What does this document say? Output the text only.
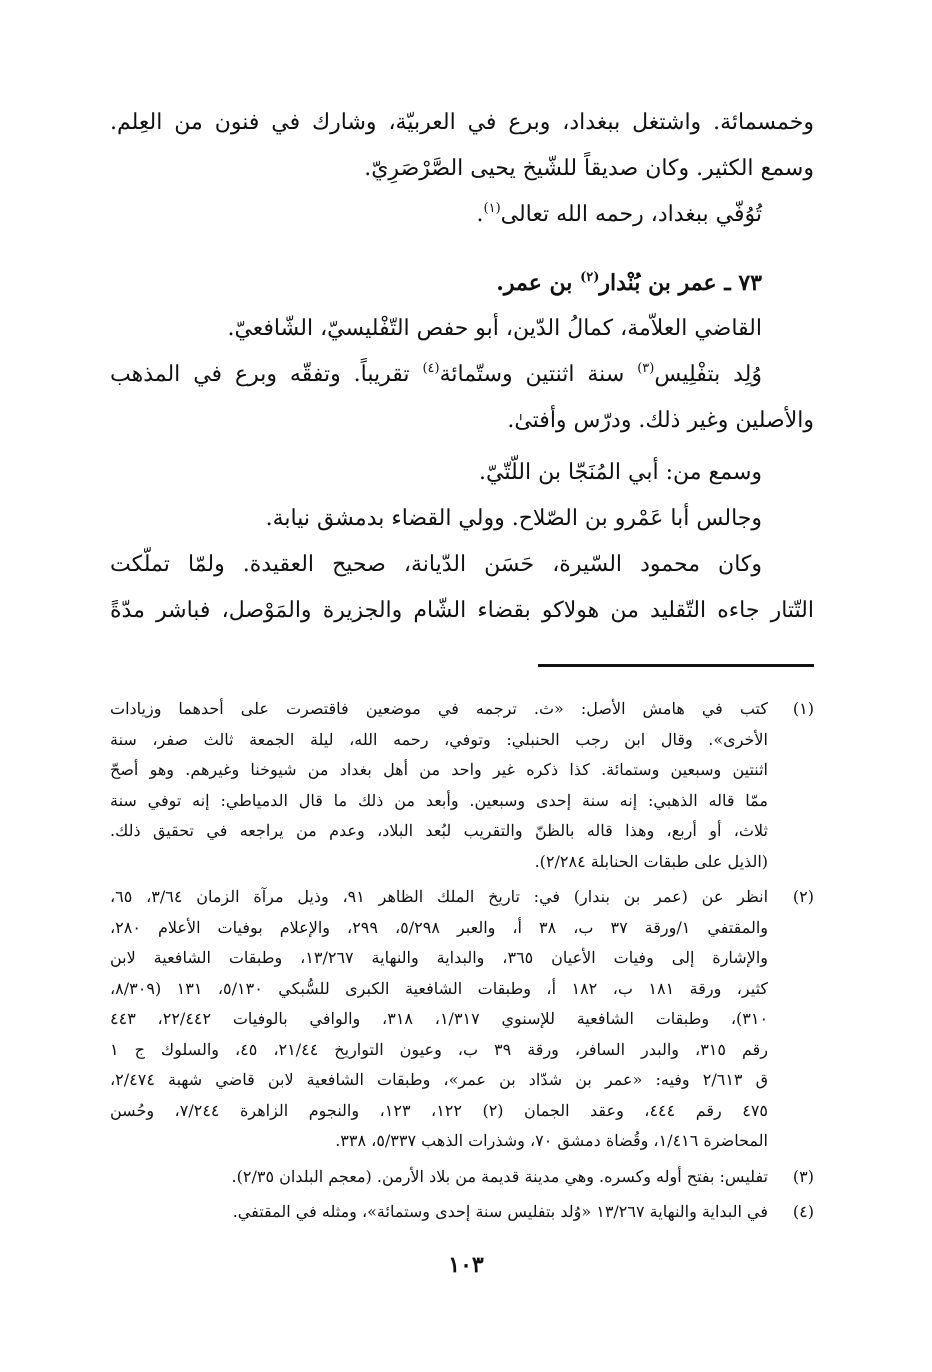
وخمسمائة. واشتغل ببغداد، وبرع في العربيّة، وشارك في فنون من العِلم.
وسمع الكثير. وكان صديقاً للشّيخ يحيى الصَّرْصَرِيّ.
تُوُفّي ببغداد، رحمه الله تعالى$^{(١)}$.
٧٣ ـ عمر بن بُنْدار$^{(٢)}$ بن عمر.
القاضي العلاّمة، كمالُ الدّين، أبو حفص التّفْليسيّ، الشّافعيّ.
وُلِد بتفْلِيس$^{(٣)}$ سنة اثنتين وستّمائة$^{(٤)}$ تقريباً. وتفقّه وبرع في المذهب
والأصلين وغير ذلك. ودرّس وأفتىٰ.
وسمع من: أبي المُنَجّا بن اللّتّيّ.
وجالس أبا عَمْرو بن الصّلاح. وولي القضاء بدمشق نيابة.
وكان محمود السّيرة، حَسَن الدّيانة، صحيح العقيدة. ولمّا تملّكت
التّتار جاءه التّقليد من هولاكو بقضاء الشّام والجزيرة والمَوْصل، فباشر مدّةً
(١)
كتب في هامش الأصل: «ث. ترجمه في موضعين فاقتصرت على أحدهما وزيادات
الأخرى». وقال ابن رجب الحنبلي: وتوفي، رحمه الله، ليلة الجمعة ثالث صفر، سنة
اثنتين وسبعين وستمائة. كذا ذكره غير واحد من أهل بغداد من شيوخنا وغيرهم. وهو أصحّ
ممّا قاله الذهبي: إنه سنة إحدى وسبعين. وأبعد من ذلك ما قال الدمياطي: إنه توفي سنة
ثلاث، أو أربع، وهذا قاله بالظنّ والتقريب لبُعد البلاد، وعدم من يراجعه في تحقيق ذلك.
(الذيل على طبقات الحنابلة ٢/٢٨٤).
(٢)
انظر عن (عمر بن بندار) في: تاريخ الملك الظاهر ٩١، وذيل مرآة الزمان ٣/٦٤، ٦٥،
والمقتفي ١/ورقة ٣٧ ب، ٣٨ أ، والعبر ٥/٢٩٨، ٢٩٩، والإعلام بوفيات الأعلام ٢٨٠،
والإشارة إلى وفيات الأعيان ٣٦٥، والبداية والنهاية ١٣/٢٦٧، وطبقات الشافعية لابن
كثير، ورقة ١٨١ ب، ١٨٢ أ، وطبقات الشافعية الكبرى للسُّبكي ٥/١٣٠، ١٣١ (٨/٣٠٩،
٣١٠)، وطبقات الشافعية للإسنوي ١/٣١٧، ٣١٨، والوافي بالوفيات ٢٢/٤٤٢، ٤٤٣
رقم ٣١٥، والبدر السافر، ورقة ٣٩ ب، وعيون التواريخ ٢١/٤٤، ٤٥، والسلوك ج ١
ق ٢/٦١٣ وفيه: «عمر بن شدّاد بن عمر»، وطبقات الشافعية لابن قاضي شهبة ٢/٤٧٤،
٤٧٥ رقم ٤٤٤، وعقد الجمان (٢) ١٢٢، ١٢٣، والنجوم الزاهرة ٧/٢٤٤، وحُسن
المحاضرة ١/٤١٦، وقُضاة دمشق ٧٠، وشذرات الذهب ٥/٣٣٧، ٣٣٨.
(٣)
تفليس: بفتح أوله وكسره. وهي مدينة قديمة من بلاد الأرمن. (معجم البلدان ٢/٣٥).
(٤)
في البداية والنهاية ١٣/٢٦٧ «وُلد بتفليس سنة إحدى وستمائة»، ومثله في المقتفي.
١٠٣
